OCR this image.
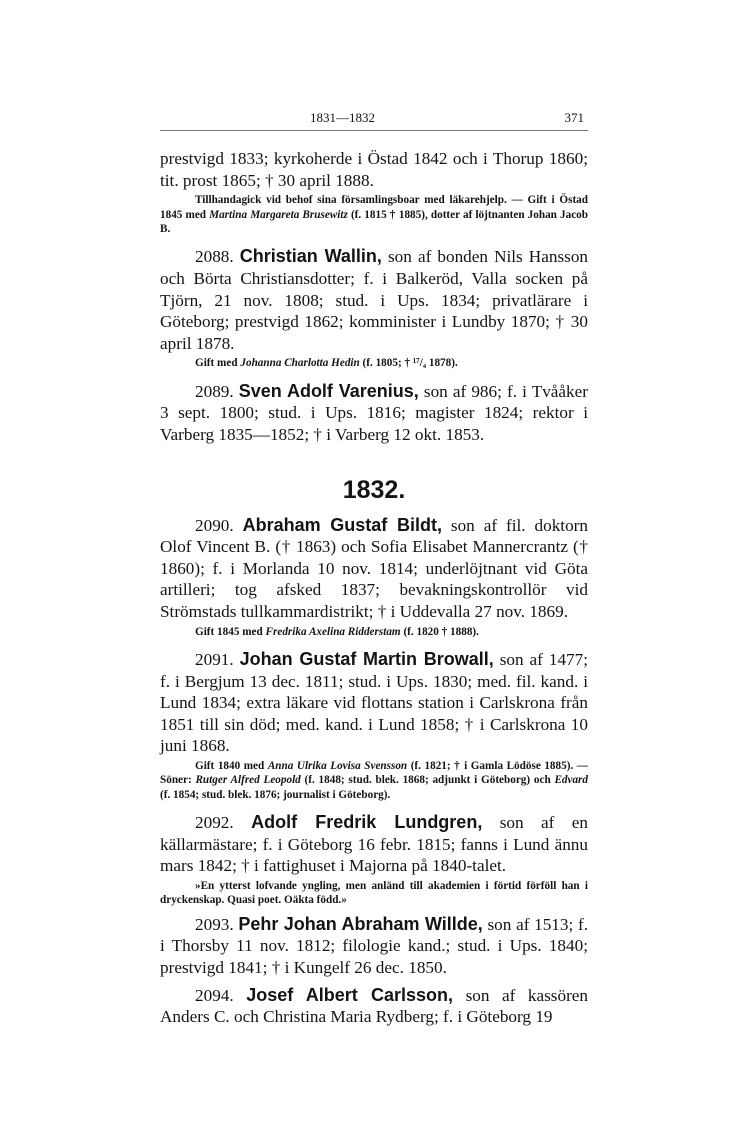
1831—1832	371

prestvigd 1833; kyrkoherde i Östad 1842 och i Thorup 1860; tit. prost 1865; † 30 april 1888.

Tillhandagick vid behof sina församlingsboar med läkarehjelp. — Gift i Östad 1845 med Martina Margareta Brusewitz (f. 1815 † 1885), dotter af löjtnanten Johan Jacob B.

2088. Christian Wallin, son af bonden Nils Hansson och Börta Christiansdotter; f. i Balkeröd, Valla socken på Tjörn, 21 nov. 1808; stud. i Ups. 1834; privatlärare i Göteborg; prestvigd 1862; komminister i Lundby 1870; † 30 april 1878.

Gift med Johanna Charlotta Hedin (f. 1805; † ¹⁷/₄ 1878).

2089. Sven Adolf Varenius, son af 986; f. i Tvååker 3 sept. 1800; stud. i Ups. 1816; magister 1824; rektor i Varberg 1835—1852; † i Varberg 12 okt. 1853.

1832.

2090. Abraham Gustaf Bildt, son af fil. doktorn Olof Vincent B. († 1863) och Sofia Elisabet Mannercrantz († 1860); f. i Morlanda 10 nov. 1814; underlöjtnant vid Göta artilleri; tog afsked 1837; bevakningskontrollör vid Strömstads tullkammardistrikt; † i Uddevalla 27 nov. 1869.

Gift 1845 med Fredrika Axelina Ridderstam (f. 1820 † 1888).

2091. Johan Gustaf Martin Browall, son af 1477; f. i Bergjum 13 dec. 1811; stud. i Ups. 1830; med. fil. kand. i Lund 1834; extra läkare vid flottans station i Carlskrona från 1851 till sin död; med. kand. i Lund 1858; † i Carlskrona 10 juni 1868.

Gift 1840 med Anna Ulrika Lovisa Svensson (f. 1821; † i Gamla Lödöse 1885). — Söner: Rutger Alfred Leopold (f. 1848; stud. blek. 1868; adjunkt i Göteborg) och Edvard (f. 1854; stud. blek. 1876; journalist i Göteborg).

2092. Adolf Fredrik Lundgren, son af en källarmästare; f. i Göteborg 16 febr. 1815; fanns i Lund ännu mars 1842; † i fattighuset i Majorna på 1840-talet.

»En ytterst lofvande yngling, men anländ till akademien i förtid förföll han i dryckenskap. Quasi poet. Oäkta född.»

2093. Pehr Johan Abraham Willde, son af 1513; f. i Thorsby 11 nov. 1812; filologie kand.; stud. i Ups. 1840; prestvigd 1841; † i Kungelf 26 dec. 1850.

2094. Josef Albert Carlsson, son af kassören Anders C. och Christina Maria Rydberg; f. i Göteborg 19
